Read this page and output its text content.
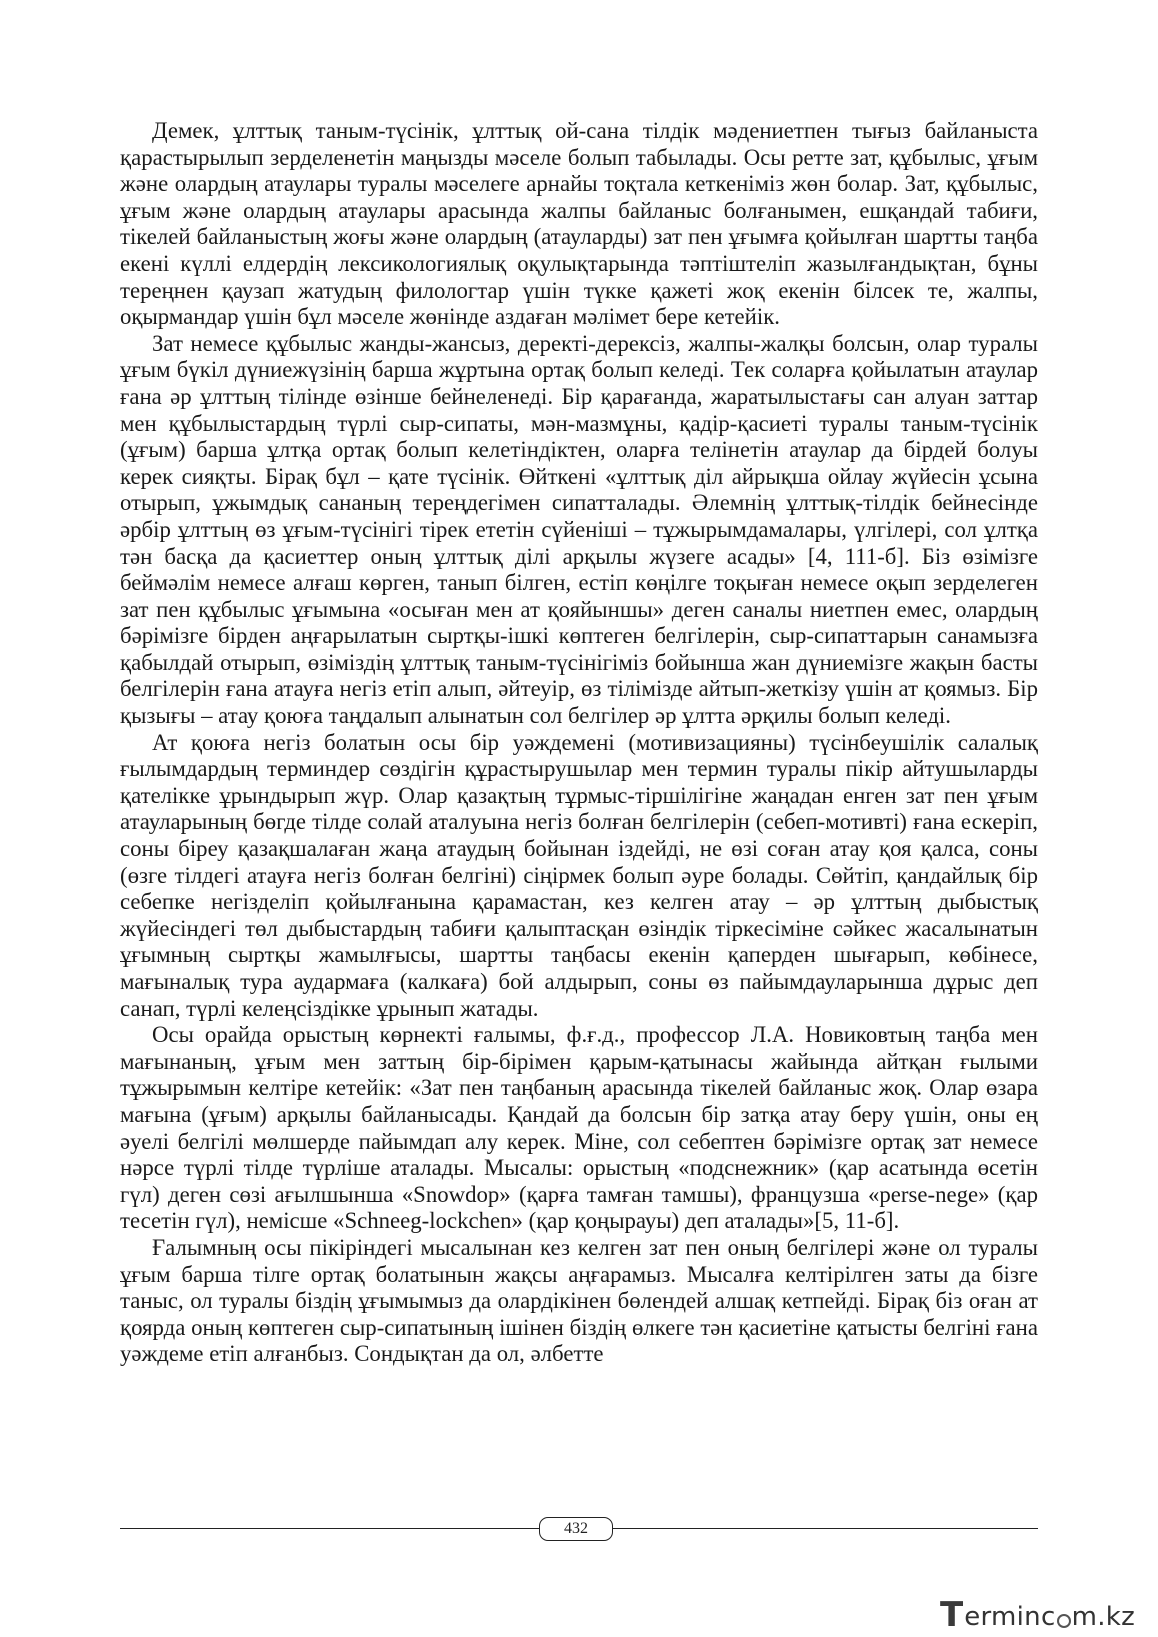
Демек, ұлттық таным-түсінік, ұлттық ой-сана тілдік мәдениетпен тығыз байланыста қарастырылып зерделенетін маңызды мәселе болып табылады. Осы ретте зат, құбылыс, ұғым және олардың атаулары туралы мәселеге арнайы тоқтала кеткеніміз жөн болар. Зат, құбылыс, ұғым және олардың атаулары арасында жалпы байланыс болғанымен, ешқандай табиғи, тікелей байланыстың жоғы және олардың (атауларды) зат пен ұғымға қойылған шартты таңба екені күллі елдердің лексикологиялық оқулықтарында тәптіштеліп жазылғандықтан, бұны тереңнен қаузап жатудың филологтар үшін түкке қажеті жоқ екенін білсек те, жалпы, оқырмандар үшін бұл мәселе жөнінде аздаған мәлімет бере кетейік.

Зат немесе құбылыс жанды-жансыз, деректі-дерексіз, жалпы-жалқы болсын, олар туралы ұғым бүкіл дүниежүзінің барша жұртына ортақ болып келеді. Тек соларға қойылатын атаулар ғана әр ұлттың тілінде өзінше бейнеленеді. Бір қарағанда, жаратылыстағы сан алуан заттар мен құбылыстардың түрлі сыр-сипаты, мән-мазмұны, қадір-қасиеті туралы таным-түсінік (ұғым) барша ұлтқа ортақ болып келетіндіктен, оларға телінетін атаулар да бірдей болуы керек сияқты. Бірақ бұл – қате түсінік. Өйткені «ұлттық діл айрықша ойлау жүйесін ұсына отырып, ұжымдық сананың тереңдегімен сипатталады. Әлемнің ұлттық-тілдік бейнесінде әрбір ұлттың өз ұғым-түсінігі тірек ететін сүйеніші – тұжырымдамалары, үлгілері, сол ұлтқа тән басқа да қасиеттер оның ұлттық ділі арқылы жүзеге асады» [4, 111-б]. Біз өзімізге беймәлім немесе алғаш көрген, танып білген, естіп көңілге тоқыған немесе оқып зерделеген зат пен құбылыс ұғымына «осыған мен ат қояйыншы» деген саналы ниетпен емес, олардың бәрімізге бірден аңғарылатын сыртқы-ішкі көптеген белгілерін, сыр-сипаттарын санамызға қабылдай отырып, өзіміздің ұлттық таным-түсінігіміз бойынша жан дүниемізге жақын басты белгілерін ғана атауға негіз етіп алып, әйтеуір, өз тілімізде айтып-жеткізу үшін ат қоямыз. Бір қызығы – атау қоюға таңдалып алынатын сол белгілер әр ұлтта әрқилы болып келеді.

Ат қоюға негіз болатын осы бір уәждемені (мотивизацияны) түсінбеушілік салалық ғылымдардың терминдер сөздігін құрастырушылар мен термин туралы пікір айтушыларды қателікке ұрындырып жүр. Олар қазақтың тұрмыс-тіршілігіне жаңадан енген зат пен ұғым атауларының бөгде тілде солай аталуына негіз болған белгілерін (себеп-мотивті) ғана ескеріп, соны біреу қазақшалаған жаңа атаудың бойынан іздейді, не өзі соған атау қоя қалса, соны (өзге тілдегі атауға негіз болған белгіні) сіңірмек болып әуре болады. Сөйтіп, қандайлық бір себепке негізделіп қойылғанына қарамастан, кез келген атау – әр ұлттың дыбыстық жүйесіндегі төл дыбыстардың табиғи қалыптасқан өзіндік тіркесіміне сәйкес жасалынатын ұғымның сыртқы жамылғысы, шартты таңбасы екенін қаперден шығарып, көбінесе, мағыналық тура аудармаға (калкаға) бой алдырып, соны өз пайымдауларынша дұрыс деп санап, түрлі келеңсіздікке ұрынып жатады.

Осы орайда орыстың көрнекті ғалымы, ф.ғ.д., профессор Л.А. Новиковтың таңба мен мағынаның, ұғым мен заттың бір-бірімен қарым-қатынасы жайында айтқан ғылыми тұжырымын келтіре кетейік: «Зат пен таңбаның арасында тікелей байланыс жоқ. Олар өзара мағына (ұғым) арқылы байланысады. Қандай да болсын бір затқа атау беру үшін, оны ең әуелі белгілі мөлшерде пайымдап алу керек. Міне, сол себептен бәрімізге ортақ зат немесе нәрсе түрлі тілде түрліше аталады. Мысалы: орыстың «подснежник» (қар асатында өсетін гүл) деген сөзі ағылшынша «Snowdop» (қарға тамған тамшы), французша «perse-nege» (қар тесетін гүл), немісше «Schneeg-lockchen» (қар қоңырауы) деп аталады»[5, 11-б].

Ғалымның осы пікіріндегі мысалынан кез келген зат пен оның белгілері және ол туралы ұғым барша тілге ортақ болатынын жақсы аңғарамыз. Мысалға келтірілген заты да бізге таныс, ол туралы біздің ұғымымыз да олардікінен бөлендей алшақ кетпейді. Бірақ біз оған ат қоярда оның көптеген сыр-сипатының ішінен біздің өлкеге тән қасиетіне қатысты белгіні ғана уәждеме етіп алғанбыз. Сондықтан да ол, әлбетте

432
T ermin c m.kz
